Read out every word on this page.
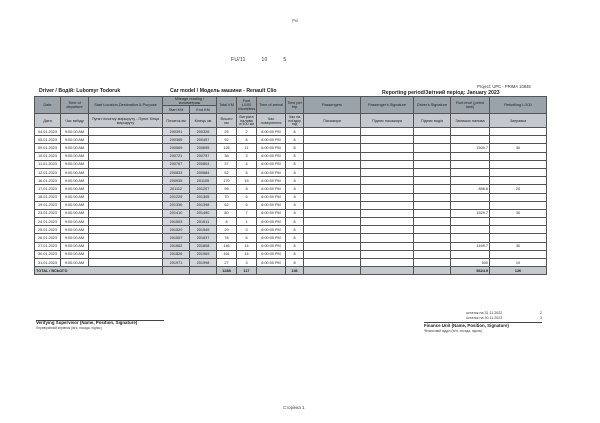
Ркі
FU/11	10	5
Project: UPC - PRIMA 10846
Driver / Водій: Lubomyr Todoruk	Car model / Модель машини - Renault Clio	Reporting period/Звітний період: January 2023
Date	Time of departure	Start Location-Destination & Purpose	Mileage reading / километраж		Total KM	Fuel L/100 kilometers	Time of arrival	Time per trip	Passengers	Passenger's Signature	Driver's Signature	Fuel level (petrol tank)	Refuelling L/100
			Start KM	End KM									
Дата	Час виїзду	Пункт початку маршруту - Пункт Кінця маршруту	Початок км	Кінець км	Всього км	Витрата палива л/100 км	Час повернення	Час на поїздку год	Пасажири	Підпис пасажира	Підпис водія	Залишок палива	Заправка
04.01.2023	9:00:00 AM		200391	200326	25	2	6:00:00 PM	8					
05.01.2023	9:00:00 AM		200365	200457	92	8	6:00:00 PM	8					
09.01.2023	9:00:00 AM		200569	200695	126	11	6:00:00 PM	8				1500.7	30
10.01.2023	9:00:00 AM		200721	200757	36	3	6:00:00 PM	8					
11.01.2023	9:00:00 AM		200767	200804	37	4	6:00:00 PM	8					
12.01.2023	9:00:00 AM		200833	200884	52	5	6:00:00 PM	8					
16.01.2023	9:00:00 AM		200935	201105	170	15	6:00:00 PM	8					
17.01.2023	9:00:00 AM		201112	201207	95	8	6:00:00 PM	8				856.6	20
18.01.2023	9:00:00 AM		201225	201305	70	6	6:00:00 PM	8					
19.01.2023	9:00:00 AM		201336	201398	62	6	6:00:00 PM	8					
23.01.2023	9:00:00 AM		201410	201490	80	7	6:00:00 PM	8				1529.7	30
24.01.2023	9:00:00 AM		201503	201511	8	1	6:00:00 PM	8					
25.01.2023	9:00:00 AM		201520	201549	29	3	6:00:00 PM	8					
26.01.2023	9:00:00 AM		201557	201637	78	6	6:00:00 PM	8					
27.01.2023	9:00:00 AM		201662	201808	146	14	6:00:00 PM	8				1499.7	30
30.01.2023	9:00:00 AM		201826	201969	161	14	6:00:00 PM	8					
31.01.2023	9:00:00 AM		201971	201998	27	3	6:00:00 PM	8				500	10
TOTAL / ВСЬОГО					1288	117		136				5624.9	126
остаток на 31.11.2022	2
остаток на 30.11.2023	3
Verifying Supervisor (Name, Position, Signature)
Перевіряючий керівник (ім'я, посада, підпис)	Finance Unit (Name, Position, Signature)
Фінансовий відділ (ім'я, посада, підпис)
Сторінка 1
